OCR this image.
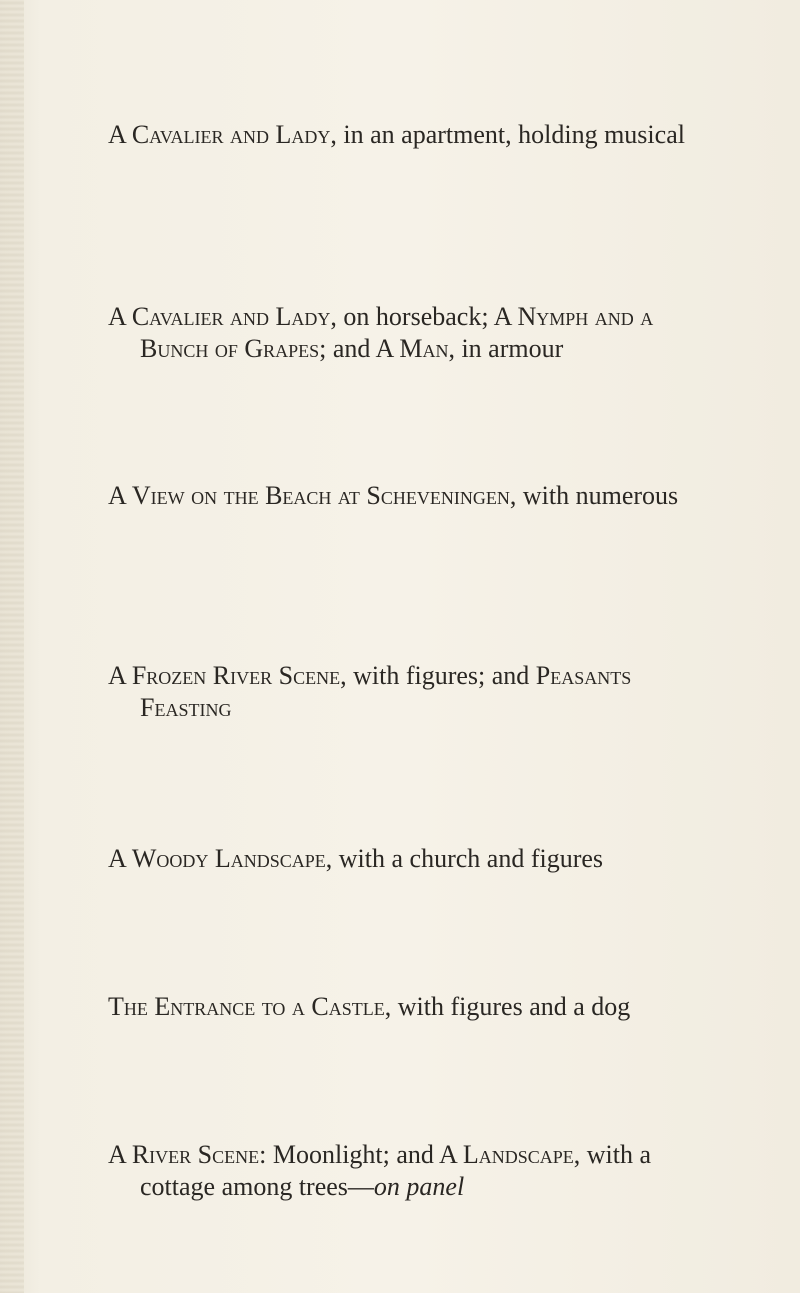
A Cavalier and Lady, in an apartment, holding musical
A Cavalier and Lady, on horseback; A Nymph and a
Bunch of Grapes; and A Man, in armour
A View on the Beach at Scheveningen, with numerous
A Frozen River Scene, with figures; and Peasants
Feasting
A Woody Landscape, with a church and figures
The Entrance to a Castle, with figures and a dog
A River Scene: Moonlight; and A Landscape, with a
cottage among trees—on panel
